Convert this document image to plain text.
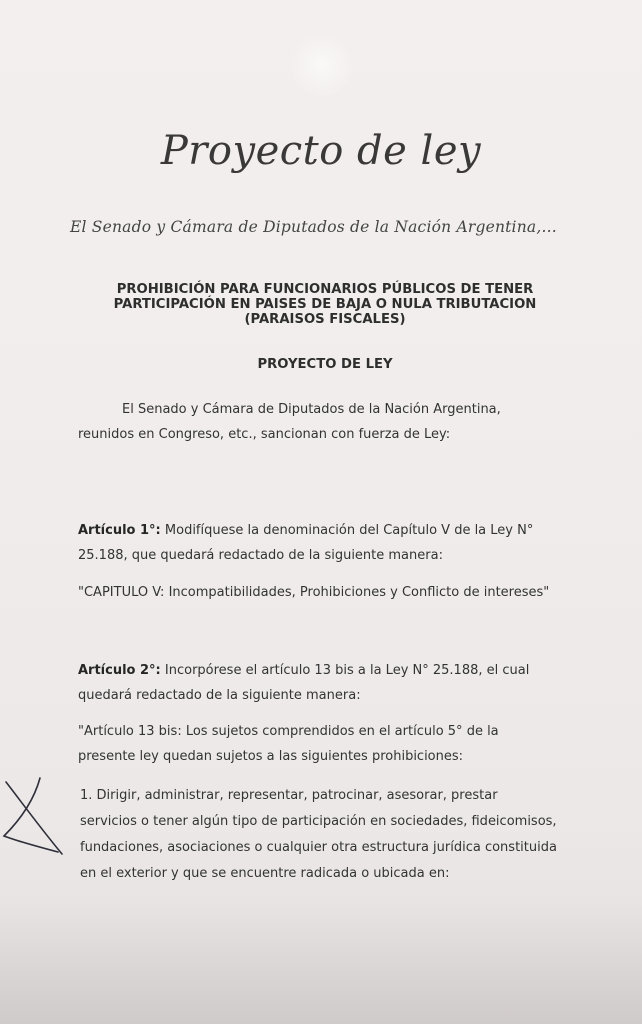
Proyecto de ley
El Senado y Cámara de Diputados de la Nación Argentina,...
PROHIBICIÓN PARA FUNCIONARIOS PÚBLICOS DE TENER
PARTICIPACIÓN EN PAISES DE BAJA O NULA TRIBUTACION
(PARAISOS FISCALES)
PROYECTO DE LEY
El Senado y Cámara de Diputados de la Nación Argentina,
reunidos en Congreso, etc., sancionan con fuerza de Ley:
Artículo 1°: Modifíquese la denominación del Capítulo V de la Ley N°
25.188, que quedará redactado de la siguiente manera:
"CAPITULO V: Incompatibilidades, Prohibiciones y Conflicto de intereses"
Artículo 2°: Incorpórese el artículo 13 bis a la Ley N° 25.188, el cual
quedará redactado de la siguiente manera:
"Artículo 13 bis: Los sujetos comprendidos en el artículo 5° de la
presente ley quedan sujetos a las siguientes prohibiciones:
1. Dirigir, administrar, representar, patrocinar, asesorar, prestar
servicios o tener algún tipo de participación en sociedades, fideicomisos,
fundaciones, asociaciones o cualquier otra estructura jurídica constituida
en el exterior y que se encuentre radicada o ubicada en:
